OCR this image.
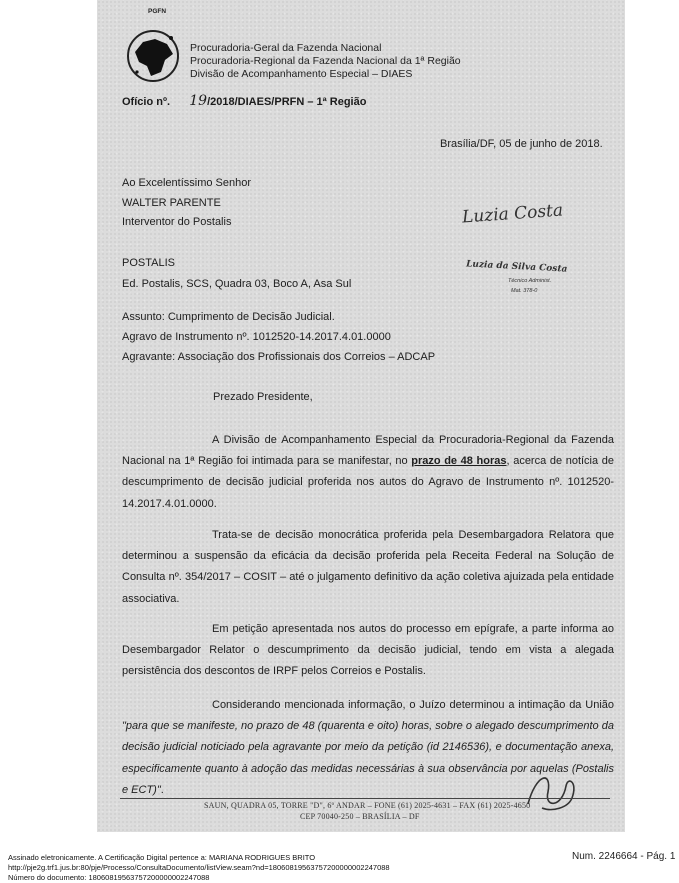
PGFN
Procuradoria-Geral da Fazenda Nacional
Procuradoria-Regional da Fazenda Nacional da 1ª Região
Divisão de Acompanhamento Especial – DIAES
Ofício nº. 19/2018/DIAES/PRFN – 1ª Região
Brasília/DF, 05 de junho de 2018.
Ao Excelentíssimo Senhor
WALTER PARENTE
Interventor do Postalis
POSTALIS
Ed. Postalis, SCS, Quadra 03, Boco A, Asa Sul
Luzia Costa
Luzia da Silva Costa
Técnico Administ.
Mat. 378-0
Assunto: Cumprimento de Decisão Judicial.
Agravo de Instrumento nº. 1012520-14.2017.4.01.0000
Agravante: Associação dos Profissionais dos Correios – ADCAP
Prezado Presidente,
A Divisão de Acompanhamento Especial da Procuradoria-Regional da Fazenda Nacional na 1ª Região foi intimada para se manifestar, no prazo de 48 horas, acerca de notícia de descumprimento de decisão judicial proferida nos autos do Agravo de Instrumento nº. 1012520-14.2017.4.01.0000.
Trata-se de decisão monocrática proferida pela Desembargadora Relatora que determinou a suspensão da eficácia da decisão proferida pela Receita Federal na Solução de Consulta nº. 354/2017 – COSIT – até o julgamento definitivo da ação coletiva ajuizada pela entidade associativa.
Em petição apresentada nos autos do processo em epígrafe, a parte informa ao Desembargador Relator o descumprimento da decisão judicial, tendo em vista a alegada persistência dos descontos de IRPF pelos Correios e Postalis.
Considerando mencionada informação, o Juízo determinou a intimação da União "para que se manifeste, no prazo de 48 (quarenta e oito) horas, sobre o alegado descumprimento da decisão judicial noticiado pela agravante por meio da petição (id 2146536), e documentação anexa, especificamente quanto à adoção das medidas necessárias à sua observância por aquelas (Postalis e ECT)".
SAUN, QUADRA 05, TORRE "D", 6º ANDAR – FONE (61) 2025-4631 – FAX (61) 2025-4650
CEP 70040-250 – BRASÍLIA – DF
Assinado eletronicamente. A Certificação Digital pertence a: MARIANA RODRIGUES BRITO
http://pje2g.trf1.jus.br:80/pje/Processo/ConsultaDocumento/listView.seam?nd=18060819563757200000002247088
Número do documento: 18060819563757200000002247088
Num. 2246664 - Pág. 1
